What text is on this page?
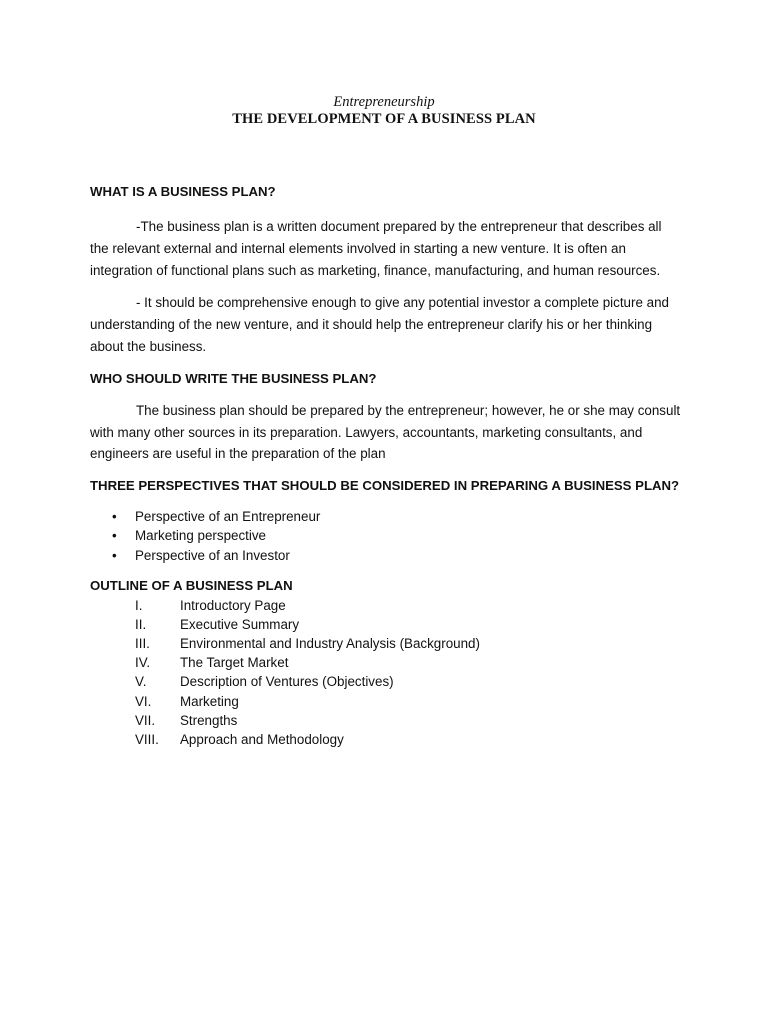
Entrepreneurship
THE DEVELOPMENT OF A BUSINESS PLAN

WHAT IS A BUSINESS PLAN?

-The business plan is a written document prepared by the entrepreneur that describes all the relevant external and internal elements involved in starting a new venture. It is often an integration of functional plans such as marketing, finance, manufacturing, and human resources.

- It should be comprehensive enough to give any potential investor a complete picture and understanding of the new venture, and it should help the entrepreneur clarify his or her thinking about the business.

WHO SHOULD WRITE THE BUSINESS PLAN?

The business plan should be prepared by the entrepreneur; however, he or she may consult with many other sources in its preparation. Lawyers, accountants, marketing consultants, and engineers are useful in the preparation of the plan

THREE PERSPECTIVES THAT SHOULD BE CONSIDERED IN PREPARING A BUSINESS PLAN?

• Perspective of an Entrepreneur
• Marketing perspective
• Perspective of an Investor

OUTLINE OF A BUSINESS PLAN

I.	Introductory Page
II.	Executive Summary
III. Environmental and Industry Analysis (Background)
IV. The Target Market
V.	Description of Ventures (Objectives)
VI. Marketing
VII. Strengths
VIII. Approach and Methodology
